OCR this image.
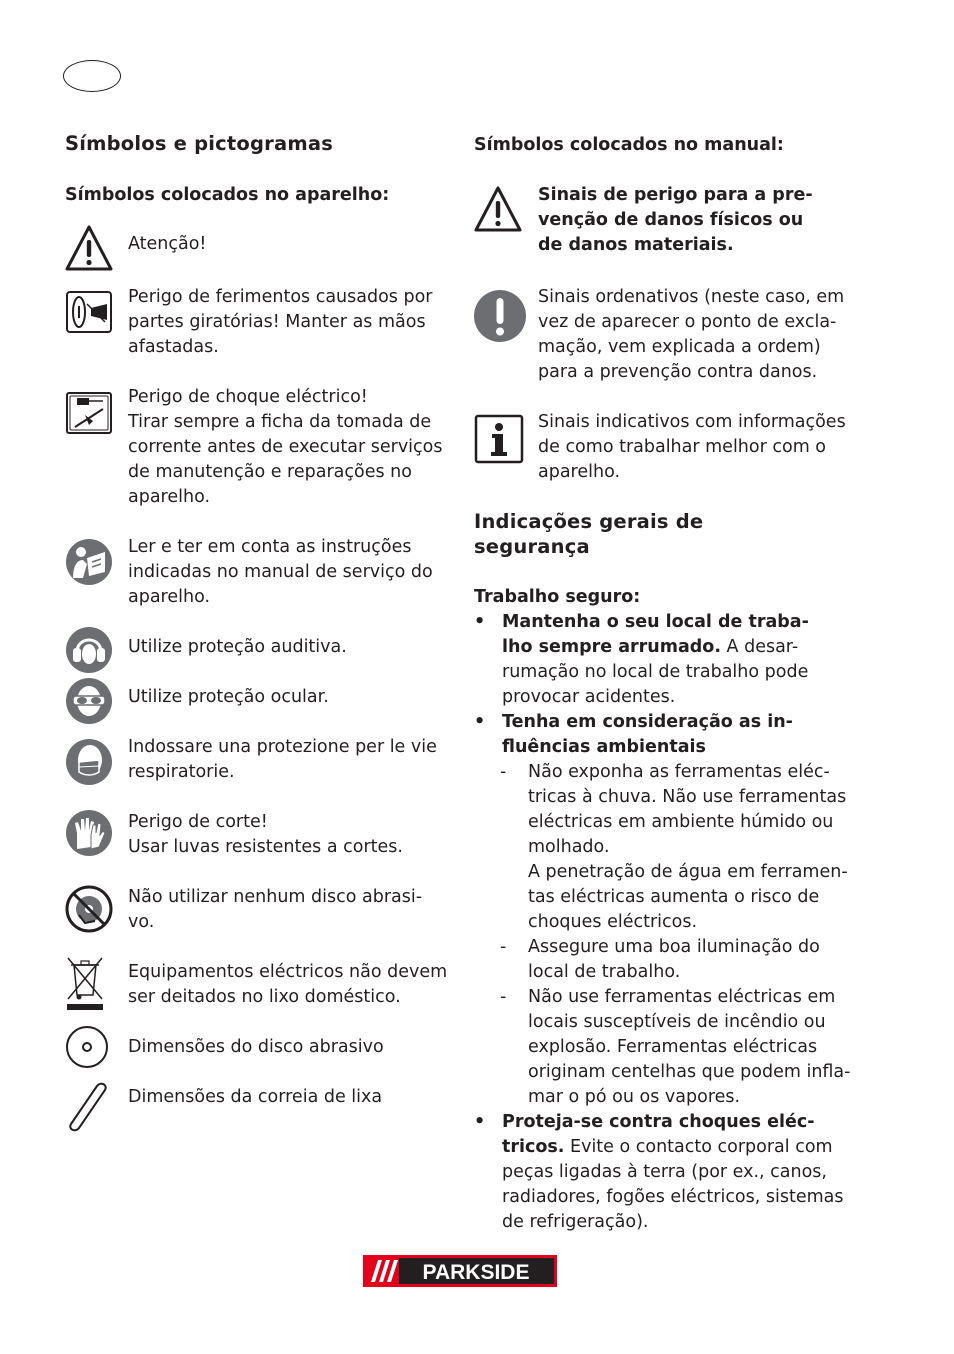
Símbolos e pictogramas
Símbolos colocados no aparelho:
Atenção!
Perigo de ferimentos causados por
partes giratórias! Manter as mãos
afastadas.
Perigo de choque eléctrico!
Tirar sempre a ficha da tomada de
corrente antes de executar serviços
de manutenção e reparações no
aparelho.
Ler e ter em conta as instruções
indicadas no manual de serviço do
aparelho.
Utilize proteção auditiva.
Utilize proteção ocular.
Indossare una protezione per le vie
respiratorie.
Perigo de corte!
Usar luvas resistentes a cortes.
Não utilizar nenhum disco abrasi-
vo.
Equipamentos eléctricos não devem
ser deitados no lixo doméstico.
Dimensões do disco abrasivo
Dimensões da correia de lixa
Símbolos colocados no manual:
Sinais de perigo para a pre-
venção de danos físicos ou
de danos materiais.
Sinais ordenativos (neste caso, em
vez de aparecer o ponto de excla-
mação, vem explicada a ordem)
para a prevenção contra danos.
Sinais indicativos com informações
de como trabalhar melhor com o
aparelho.
Indicações gerais de
segurança
Trabalho seguro:
• Mantenha o seu local de traba-
lho sempre arrumado. A desar-
rumação no local de trabalho pode
provocar acidentes.
• Tenha em consideração as in-
fluências ambientais
- Não exponha as ferramentas eléc-
tricas à chuva. Não use ferramentas
eléctricas em ambiente húmido ou
molhado.
A penetração de água em ferramen-
tas eléctricas aumenta o risco de
choques eléctricos.
- Assegure uma boa iluminação do
local de trabalho.
- Não use ferramentas eléctricas em
locais susceptíveis de incêndio ou
explosão. Ferramentas eléctricas
originam centelhas que podem infla-
mar o pó ou os vapores.
• Proteja-se contra choques eléc-
tricos. Evite o contacto corporal com
peças ligadas à terra (por ex., canos,
radiadores, fogões eléctricos, sistemas
de refrigeração).
PARKSIDE
